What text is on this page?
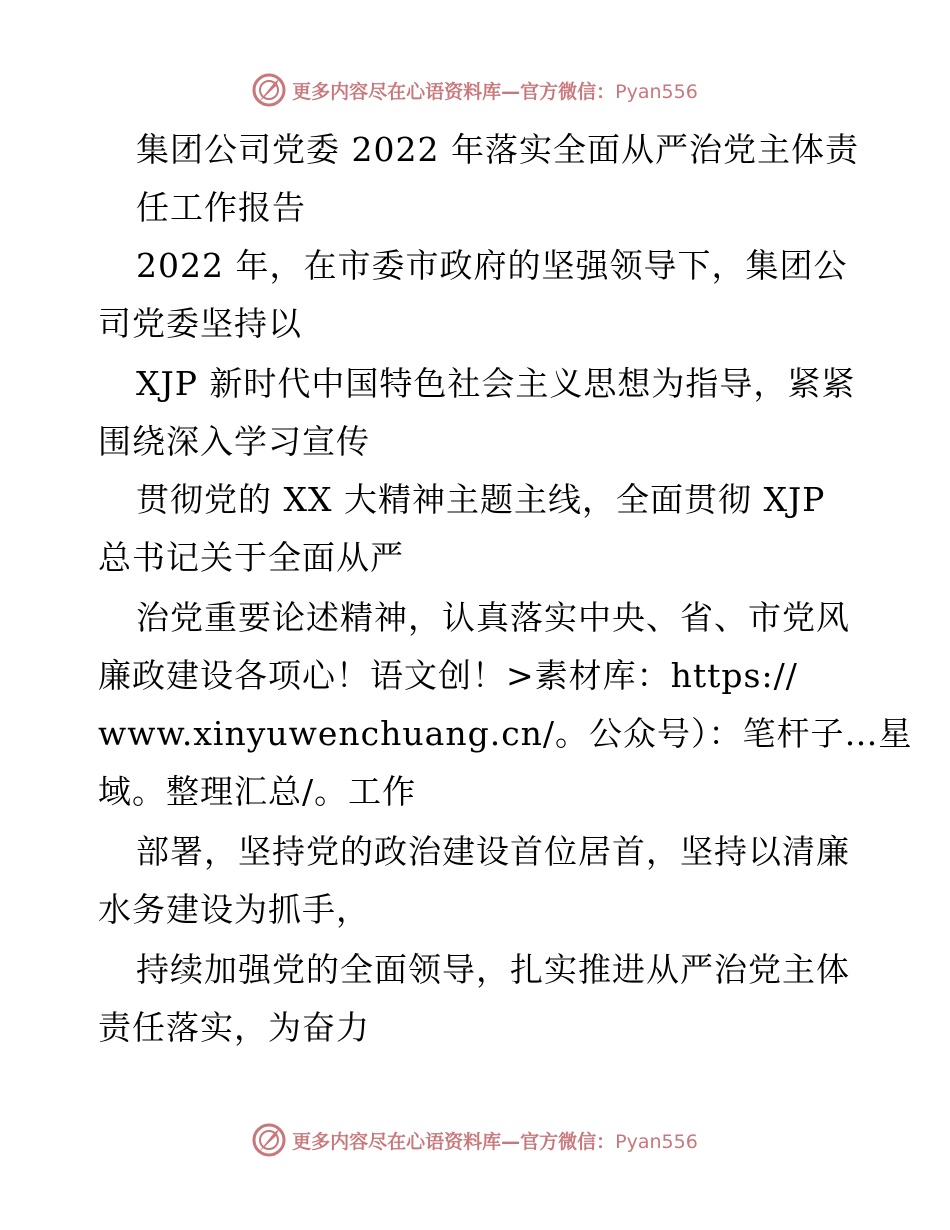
更多内容尽在心语资料库—官方微信：Pyan556
集团公司党委 2022 年落实全面从严治党主体责
任工作报告
2022 年，在市委市政府的坚强领导下，集团公
司党委坚持以
XJP 新时代中国特色社会主义思想为指导，紧紧
围绕深入学习宣传
贯彻党的 XX 大精神主题主线，全面贯彻 XJP
总书记关于全面从严
治党重要论述精神，认真落实中央、省、市党风
廉政建设各项心！语文创！>素材库：https://
www.xinyuwenchuang.cn/。公众号）：笔杆子…星
域。整理汇总/。工作
部署，坚持党的政治建设首位居首，坚持以清廉
水务建设为抓手，
持续加强党的全面领导，扎实推进从严治党主体
责任落实，为奋力
更多内容尽在心语资料库—官方微信：Pyan556
